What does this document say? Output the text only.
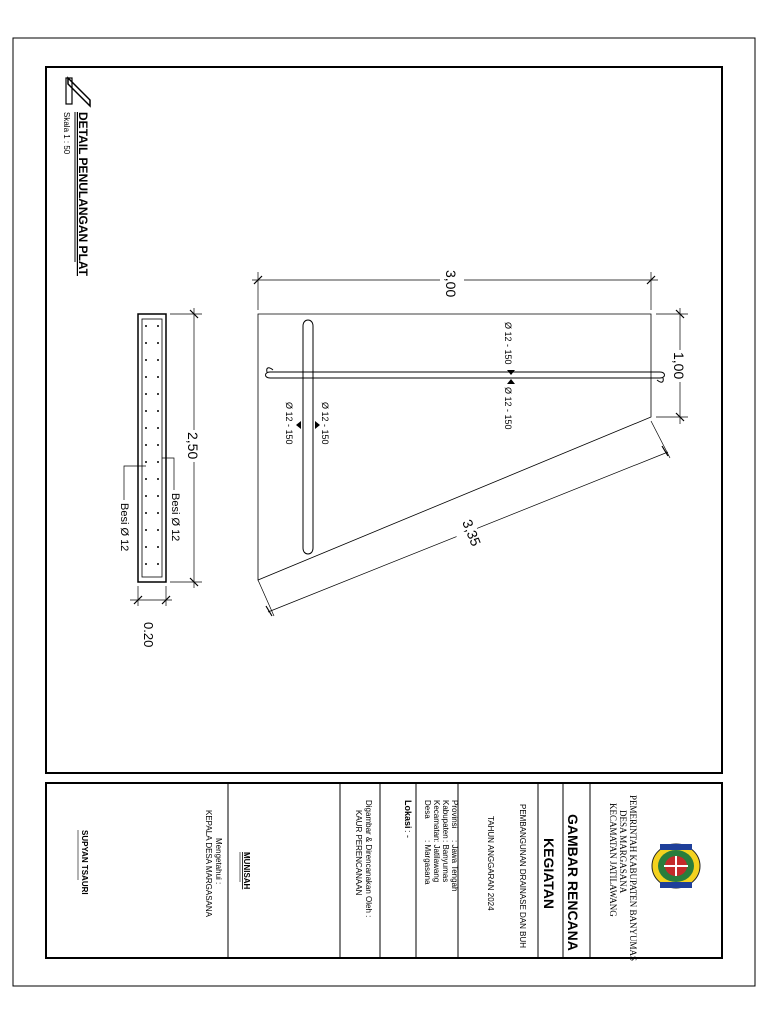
DETAIL PENULANGAN PLAT
Skala 1 : 50
Ø 12 - 150
Ø 12 - 150
Ø 12 - 150
Ø 12 - 150
3,00
1,00
3,35
2,50
0.20
Besi Ø 12
Besi Ø 12
PEMERINTAH KABUPATEN BANYUMAS
DESA MARGASANA
KECAMATAN JATILAWANG
GAMBAR RENCANA
KEGIATAN
PEMBANGUNAN DRAINASE DAN BUH
TAHUN ANGGARAN 2024
Provinsi
: Jawa Tengah
Kabupaten
: Banyumas
Kecamatan
: Jatilawang
Desa
: Margasana
Lokasi
: -
Digambar & Direncanakan Oleh :
KAUR PERENCANAAN
MUNISAH
Mengetahui :
KEPALA DESA MARGASANA
SUPYAN TSAURI
